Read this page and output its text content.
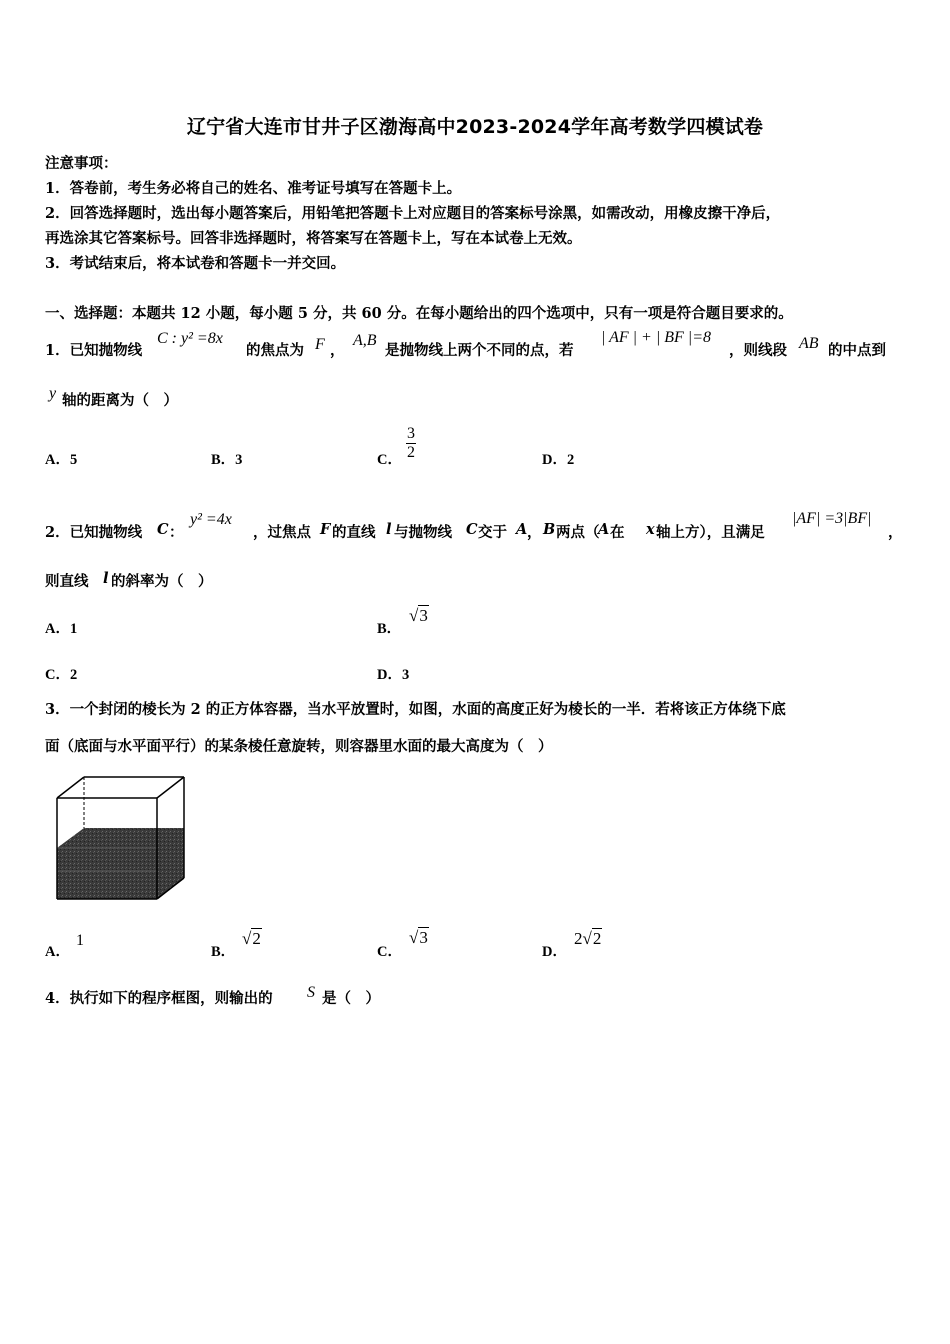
辽宁省大连市甘井子区渤海高中2023-2024学年高考数学四模试卷
注意事项：
1．答卷前，考生务必将自己的姓名、准考证号填写在答题卡上。
2．回答选择题时，选出每小题答案后，用铅笔把答题卡上对应题目的答案标号涂黑，如需改动，用橡皮擦干净后，
再选涂其它答案标号。回答非选择题时，将答案写在答题卡上，写在本试卷上无效。
3．考试结束后，将本试卷和答题卡一并交回。
一、选择题：本题共 12 小题，每小题 5 分，共 60 分。在每小题给出的四个选项中，只有一项是符合题目要求的。
1．已知抛物线
C : y² =8x
的焦点为 F ，
A,B
是抛物线上两个不同的点，若
| AF | + | BF |=8
，则线段 AB 的中点到
y 轴的距离为（　）
A．5	B．3	C． $\frac{3}{2}$	D．2
2．已知抛物线 C ：
y² =4x
，过焦点 F 的直线 l 与抛物线 C 交于 A ， B 两点（
A 在 x 轴上方），且满足
|AF| =3|BF|
，
则直线 l 的斜率为（　）
A．1	B．
√3
C．2	D．3
3．一个封闭的棱长为 2 的正方体容器，当水平放置时，如图，水面的高度正好为棱长的一半．若将该正方体绕下底
面（底面与水平面平行）的某条棱任意旋转，则容器里水面的最大高度为（　）
A．
1
B．
√2
C．
√3
D．
2√2
4．执行如下的程序框图，则输出的 S 是（　）
